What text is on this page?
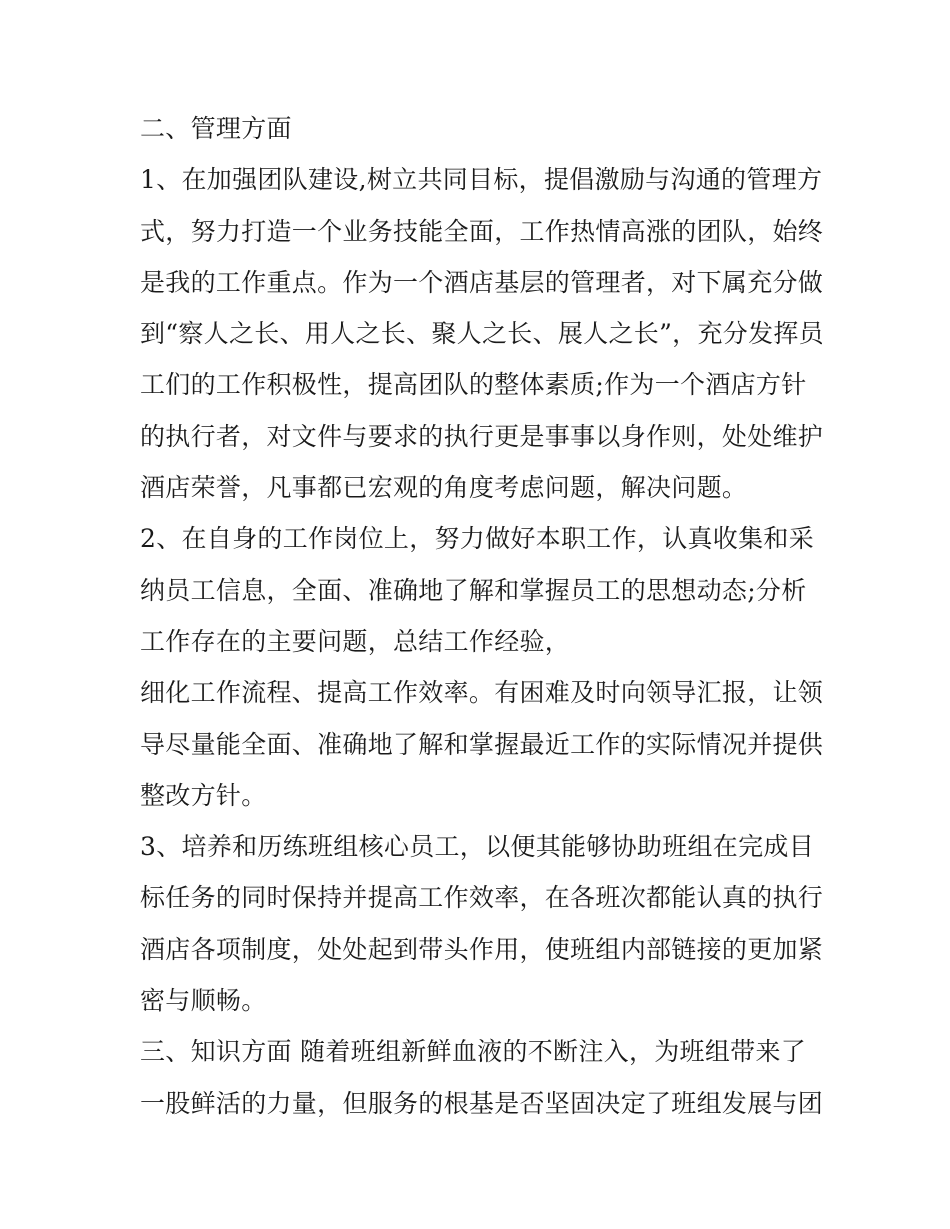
二、管理方面
1、在加强团队建设,树立共同目标，提倡激励与沟通的管理方
式，努力打造一个业务技能全面，工作热情高涨的团队，始终
是我的工作重点。作为一个酒店基层的管理者，对下属充分做
到“察人之长、用人之长、聚人之长、展人之长”，充分发挥员
工们的工作积极性，提高团队的整体素质;作为一个酒店方针
的执行者，对文件与要求的执行更是事事以身作则，处处维护
酒店荣誉，凡事都已宏观的角度考虑问题，解决问题。
2、在自身的工作岗位上，努力做好本职工作，认真收集和采
纳员工信息，全面、准确地了解和掌握员工的思想动态;分析
工作存在的主要问题，总结工作经验，
细化工作流程、提高工作效率。有困难及时向领导汇报，让领
导尽量能全面、准确地了解和掌握最近工作的实际情况并提供
整改方针。
3、培养和历练班组核心员工，以便其能够协助班组在完成目
标任务的同时保持并提高工作效率，在各班次都能认真的执行
酒店各项制度，处处起到带头作用，使班组内部链接的更加紧
密与顺畅。
三、知识方面 随着班组新鲜血液的不断注入，为班组带来了
一股鲜活的力量，但服务的根基是否坚固决定了班组发展与团
